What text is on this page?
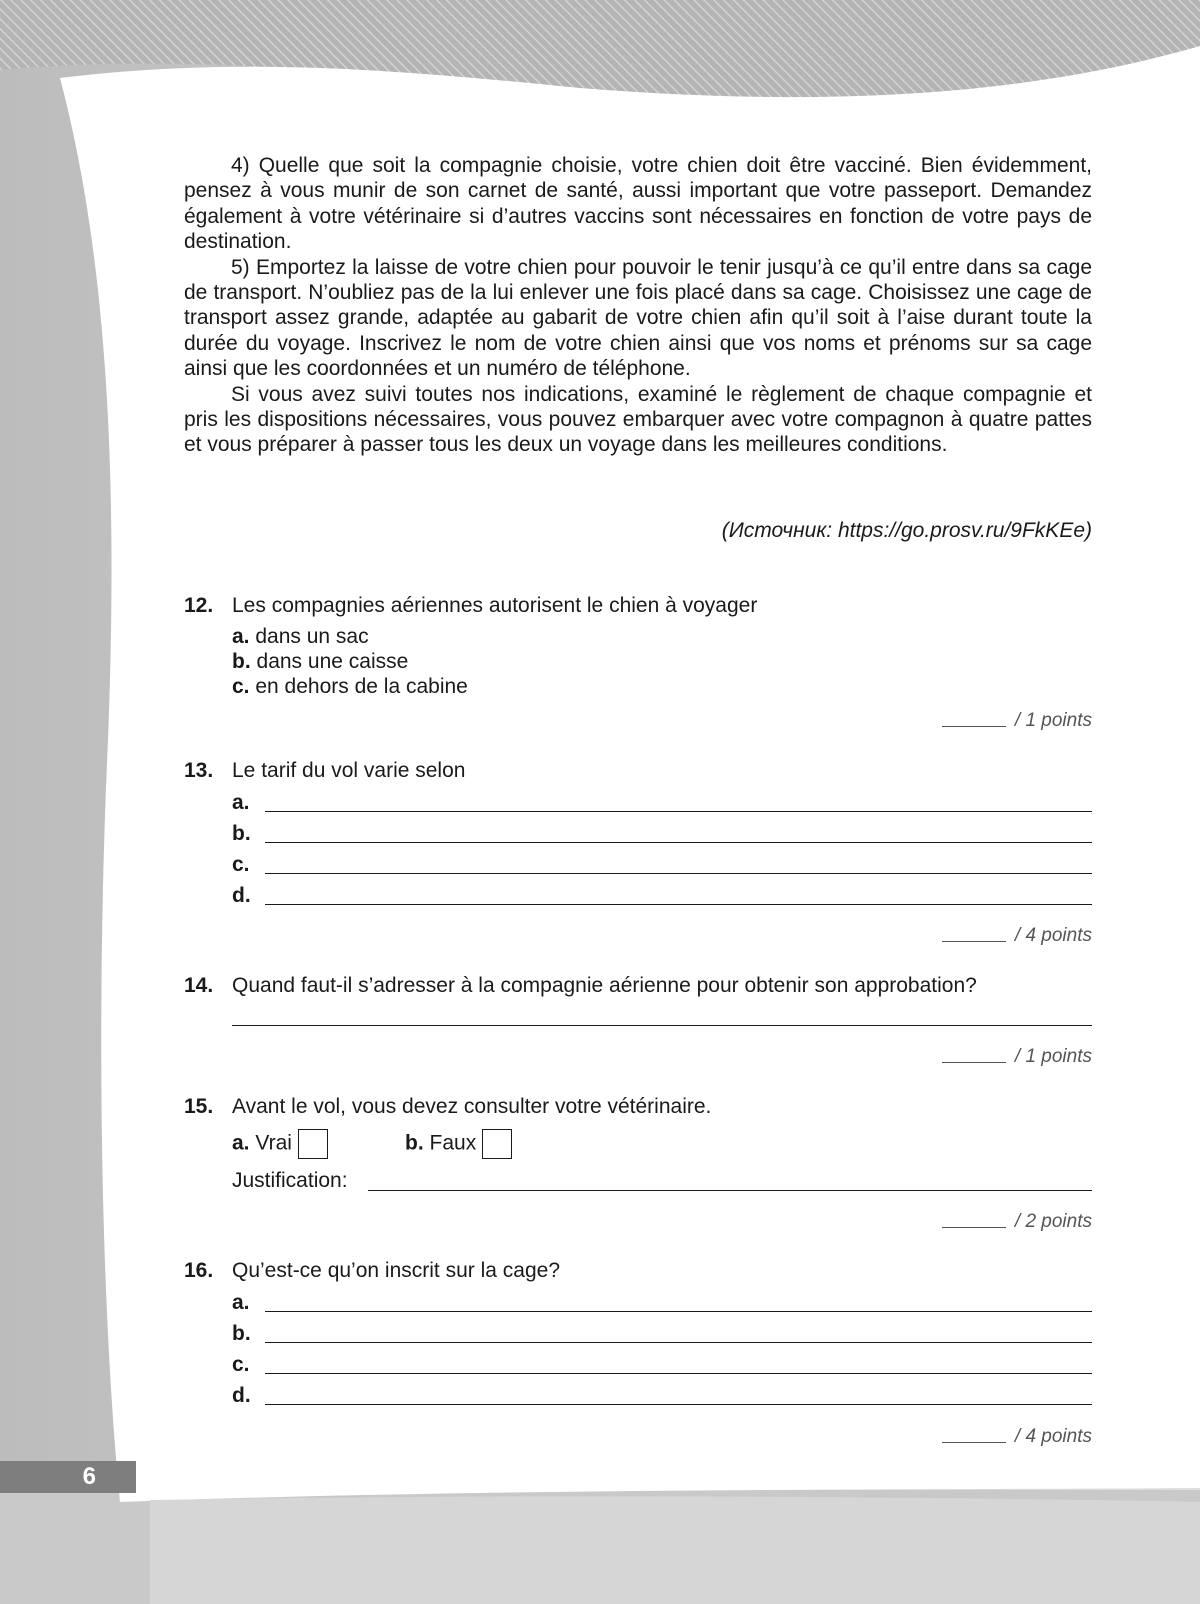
4) Quelle que soit la compagnie choisie, votre chien doit être vacciné. Bien évidemment, pensez à vous munir de son carnet de santé, aussi important que votre passeport. Demandez également à votre vétérinaire si d’autres vaccins sont nécessaires en fonction de votre pays de destination.

5) Emportez la laisse de votre chien pour pouvoir le tenir jusqu’à ce qu’il entre dans sa cage de transport. N’oubliez pas de la lui enlever une fois placé dans sa cage. Choisissez une cage de transport assez grande, adaptée au gabarit de votre chien afin qu’il soit à l’aise durant toute la durée du voyage. Inscrivez le nom de votre chien ainsi que vos noms et prénoms sur sa cage ainsi que les coordonnées et un numéro de téléphone.

Si vous avez suivi toutes nos indications, examiné le règlement de chaque compagnie et pris les dispositions nécessaires, vous pouvez embarquer avec votre compagnon à quatre pattes et vous préparer à passer tous les deux un voyage dans les meilleures conditions.

(Источник: https://go.prosv.ru/9FkKEe)
12. Les compagnies aériennes autorisent le chien à voyager
a. dans un sac
b. dans une caisse
c. en dehors de la cabine
/ 1 points
13. Le tarif du vol varie selon
a.
b.
c.
d.
/ 4 points
14. Quand faut-il s’adresser à la compagnie aérienne pour obtenir son approbation?
/ 1 points
15. Avant le vol, vous devez consulter votre vétérinaire.
a. Vrai	b. Faux
Justification:
/ 2 points
16. Qu’est-ce qu’on inscrit sur la cage?
a.
b.
c.
d.
/ 4 points
6
